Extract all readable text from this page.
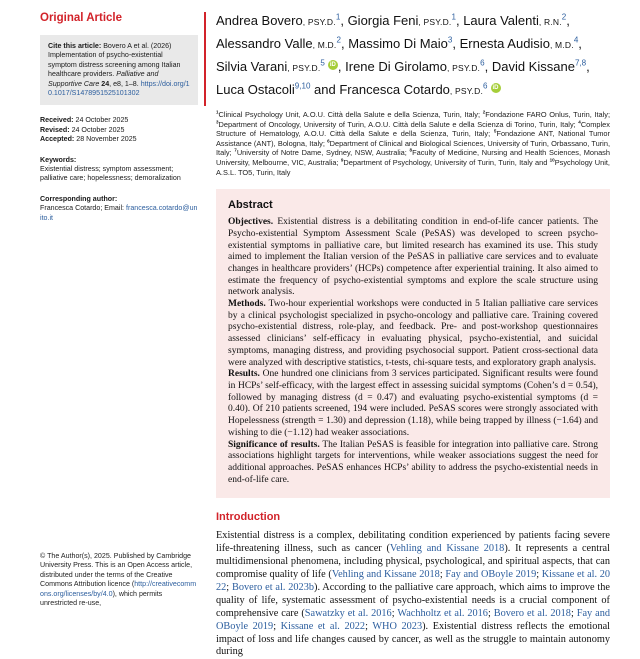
Original Article
Cite this article: Bovero A et al. (2026) Implementation of psycho-existential symptom distress screening among Italian healthcare providers. Palliative and Supportive Care 24, e8, 1–8. https://doi.org/10.1017/S1478951525101302
Received: 24 October 2025
Revised: 24 October 2025
Accepted: 28 November 2025
Keywords:
Existential distress; symptom assessment; palliative care; hopelessness; demoralization
Corresponding author:
Francesca Cotardo; Email: francesca.cotardo@unito.it
© The Author(s), 2025. Published by Cambridge University Press. This is an Open Access article, distributed under the terms of the Creative Commons Attribution licence (http://creativecommons.org/licenses/by/4.0), which permits unrestricted re-use,
Andrea Bovero, PSY.D.$^1$, Giorgia Feni, PSY.D.$^1$, Laura Valenti, R.N.$^2$, Alessandro Valle, M.D.$^2$, Massimo Di Maio$^3$, Ernesta Audisio, M.D.$^4$, Silvia Varani, PSY.D.$^5$ iD , Irene Di Girolamo, PSY.D.$^6$, David Kissane$^{7,8}$, Luca Ostacoli$^{9,10}$ and Francesca Cotardo, PSY.D.$^6$ iD
$^1$Clinical Psychology Unit, A.O.U. Città della Salute e della Scienza, Turin, Italy; $^2$Fondazione FARO Onlus, Turin, Italy; $^3$Department of Oncology, University of Turin, A.O.U. Città della Salute e della Scienza di Torino, Turin, Italy; $^4$Complex Structure of Hematology, A.O.U. Città della Salute e della Scienza, Turin, Italy; $^5$Fondazione ANT, National Tumor Assistance (ANT), Bologna, Italy; $^6$Department of Clinical and Biological Sciences, University of Turin, Orbassano, Turin, Italy; $^7$University of Notre Dame, Sydney, NSW, Australia; $^8$Faculty of Medicine, Nursing and Health Sciences, Monash University, Melbourne, VIC, Australia; $^9$Department of Psychology, University of Turin, Turin, Italy and $^{10}$Psychology Unit, A.S.L. TO5, Turin, Italy
Abstract

Objectives. Existential distress is a debilitating condition in end-of-life cancer patients. The Psycho-existential Symptom Assessment Scale (PeSAS) was developed to screen psycho-existential symptoms in palliative care, but limited research has examined its use. This study aimed to implement the Italian version of the PeSAS in palliative care services and to evaluate changes in healthcare providers’ (HCPs) competence after experiential training. It also aimed to estimate the frequency of psycho-existential symptoms and explore the scale structure using network analysis.

Methods. Two-hour experiential workshops were conducted in 5 Italian palliative care services by a clinical psychologist specialized in psycho-oncology and palliative care. Training covered psycho-existential distress, role-play, and feedback. Pre- and post-workshop questionnaires assessed clinicians’ self-efficacy in evaluating physical, psycho-existential, and suicidal symptoms, managing distress, and providing psychosocial support. Patient cross-sectional data were analyzed with descriptive statistics, t-tests, chi-square tests, and exploratory graph analysis.

Results. One hundred one clinicians from 3 services participated. Significant results were found in HCPs’ self-efficacy, with the largest effect in assessing suicidal symptoms (Cohen’s d = 0.54), followed by managing distress (d = 0.47) and evaluating psycho-existential symptoms (d = 0.40). Of 210 patients screened, 194 were included. PeSAS scores were strongly associated with Hopelessness (strength = 1.30) and depression (1.18), while being trapped by illness (−1.64) and wishing to die (−1.12) had weaker associations.

Significance of results. The Italian PeSAS is feasible for integration into palliative care. Strong associations highlight targets for interventions, while weaker associations suggest the need for additional approaches. PeSAS enhances HCPs’ ability to address the psycho-existential needs in end-of-life care.

Introduction

Existential distress is a complex, debilitating condition experienced by patients facing severe life-threatening illness, such as cancer (Vehling and Kissane 2018). It represents a central multidimensional phenomena, including physical, psychological, and spiritual aspects, that can compromise quality of life (Vehling and Kissane 2018; Fay and OBoyle 2019; Kissane et al. 2022; Bovero et al. 2023b). According to the palliative care approach, which aims to improve the quality of life, systematic assessment of psycho-existential needs is a crucial component of comprehensive care (Sawatzky et al. 2016; Wachholtz et al. 2016; Bovero et al. 2018; Fay and OBoyle 2019; Kissane et al. 2022; WHO 2023). Existential distress reflects the emotional impact of loss and life changes caused by cancer, as well as the struggle to maintain autonomy during
